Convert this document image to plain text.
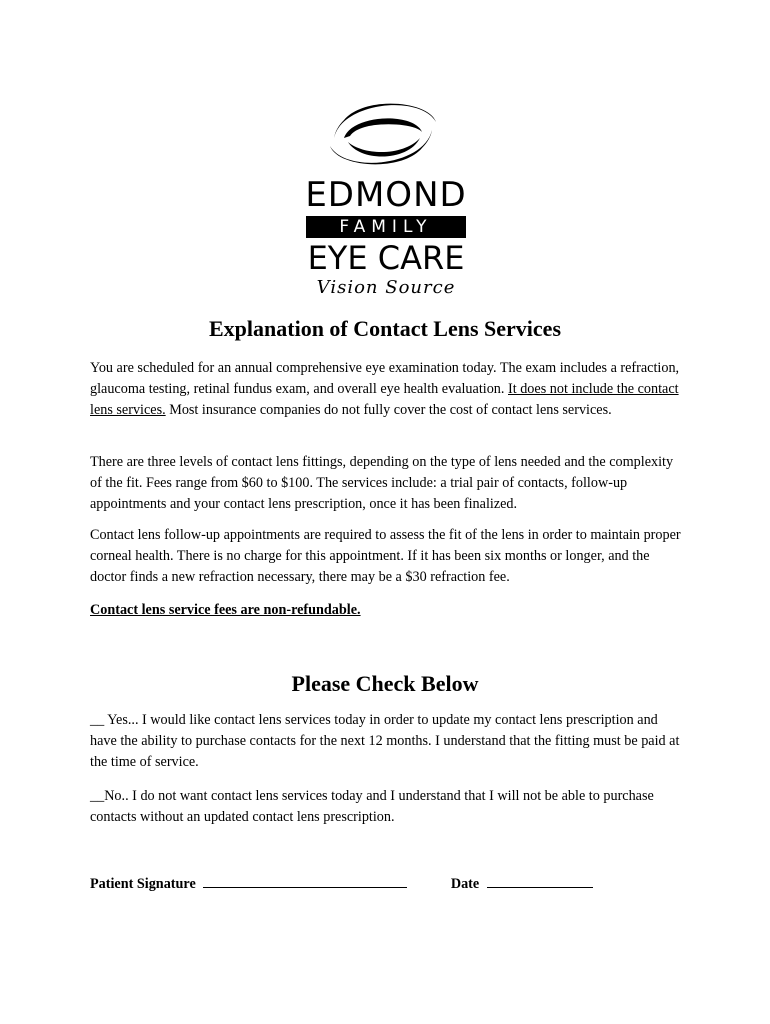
EDMOND
FAMILY
EYE CARE
Vision Source
Explanation of Contact Lens Services

You are scheduled for an annual comprehensive eye examination today. The exam includes a refraction, glaucoma testing, retinal fundus exam, and overall eye health evaluation. It does not include the contact lens services. Most insurance companies do not fully cover the cost of contact lens services.

There are three levels of contact lens fittings, depending on the type of lens needed and the complexity of the fit. Fees range from $60 to $100. The services include: a trial pair of contacts, follow-up appointments and your contact lens prescription, once it has been finalized.

Contact lens follow-up appointments are required to assess the fit of the lens in order to maintain proper corneal health. There is no charge for this appointment. If it has been six months or longer, and the doctor finds a new refraction necessary, there may be a $30 refraction fee.

Contact lens service fees are non-refundable.

Please Check Below

__ Yes... I would like contact lens services today in order to update my contact lens prescription and have the ability to purchase contacts for the next 12 months. I understand that the fitting must be paid at the time of service.

__No.. I do not want contact lens services today and I understand that I will not be able to purchase contacts without an updated contact lens prescription.

Patient Signature	Date
